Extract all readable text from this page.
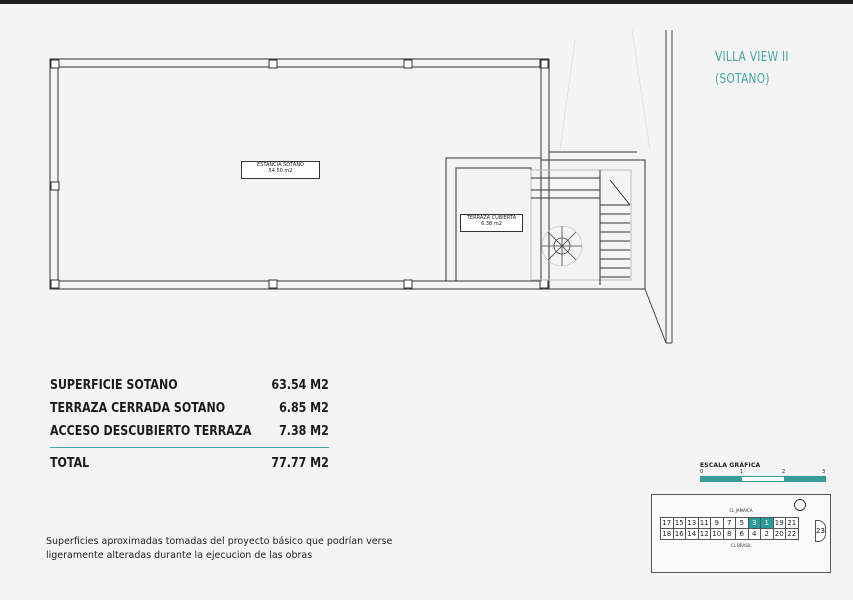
ESTANCIA SOTANO
54.50 m2
TERRAZA CUBIERTA
6.38 m2
VILLA VIEW II
(SOTANO)
SUPERFICIE SOTANO	63.54 M2
TERRAZA CERRADA SOTANO	6.85 M2
ACCESO DESCUBIERTO TERRAZA 7.38 M2
TOTAL	77.77 M2
Superficies aproximadas tomadas del proyecto básico que podrían verse
ligeramente alteradas durante la ejecucion de las obras
ESCALA GRÁFICA
0	1	2	3
CL JAMAICA
17 15 13 11 9	7	5	3	1 19 21
18 16 14 12 10 8	6	4	2 20 22	23
CL BRASIL
